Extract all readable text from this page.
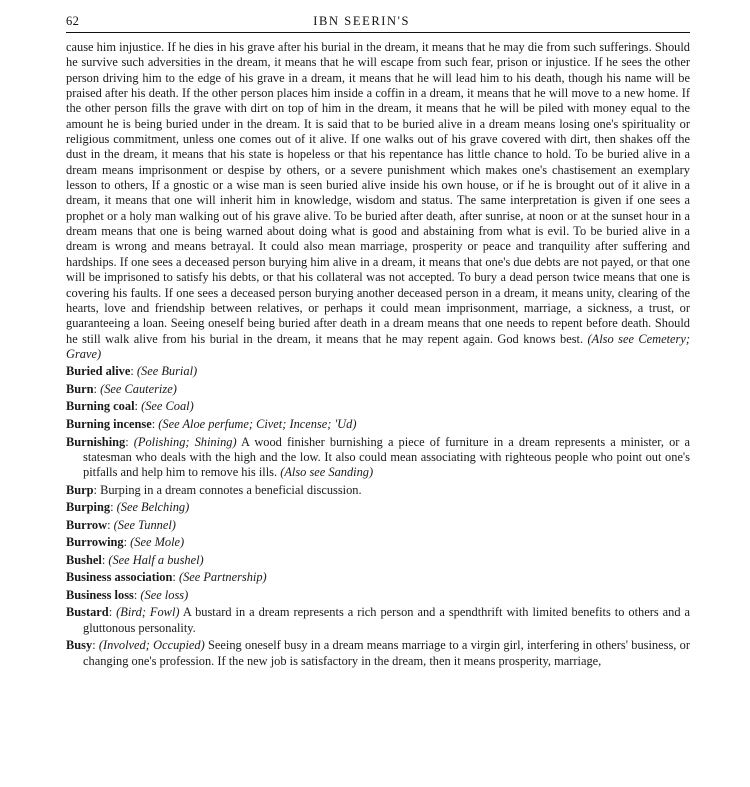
62	IBN SEERIN'S

cause him injustice. If he dies in his grave after his burial in the dream, it means that he may die from such sufferings. Should he survive such adversities in the dream, it means that he will escape from such fear, prison or injustice. If he sees the other person driving him to the edge of his grave in a dream, it means that he will lead him to his death, though his name will be praised after his death. If the other person places him inside a coffin in a dream, it means that he will move to a new home. If the other person fills the grave with dirt on top of him in the dream, it means that he will be piled with money equal to the amount he is being buried under in the dream. It is said that to be buried alive in a dream means losing one's spirituality or religious commitment, unless one comes out of it alive. If one walks out of his grave covered with dirt, then shakes off the dust in the dream, it means that his state is hopeless or that his repentance has little chance to hold. To be buried alive in a dream means imprisonment or despise by others, or a severe punishment which makes one's chastisement an exemplary lesson to others, If a gnostic or a wise man is seen buried alive inside his own house, or if he is brought out of it alive in a dream, it means that one will inherit him in knowledge, wisdom and status. The same interpretation is given if one sees a prophet or a holy man walking out of his grave alive. To be buried after death, after sunrise, at noon or at the sunset hour in a dream means that one is being warned about doing what is good and abstaining from what is evil. To be buried alive in a dream is wrong and means betrayal. It could also mean marriage, prosperity or peace and tranquility after suffering and hardships. If one sees a deceased person burying him alive in a dream, it means that one's due debts are not payed, or that one will be imprisoned to satisfy his debts, or that his collateral was not accepted. To bury a dead person twice means that one is covering his faults. If one sees a deceased person burying another deceased person in a dream, it means unity, clearing of the hearts, love and friendship between relatives, or perhaps it could mean imprisonment, marriage, a sickness, a trust, or guaranteeing a loan. Seeing oneself being buried after death in a dream means that one needs to repent before death. Should he still walk alive from his burial in the dream, it means that he may repent again. God knows best. (Also see Cemetery; Grave)

Buried alive: (See Burial)

Burn: (See Cauterize)

Burning coal: (See Coal)

Burning incense: (See Aloe perfume; Civet; Incense; 'Ud)

Burnishing: (Polishing; Shining) A wood finisher burnishing a piece of furniture in a dream represents a minister, or a statesman who deals with the high and the low. It also could mean associating with righteous people who point out one's pitfalls and help him to remove his ills. (Also see Sanding)

Burp: Burping in a dream connotes a beneficial discussion.

Burping: (See Belching)

Burrow: (See Tunnel)

Burrowing: (See Mole)

Bushel: (See Half a bushel)

Business association: (See Partnership)

Business loss: (See loss)

Bustard: (Bird; Fowl) A bustard in a dream represents a rich person and a spendthrift with limited benefits to others and a gluttonous personality.

Busy: (Involved; Occupied) Seeing oneself busy in a dream means marriage to a virgin girl, interfering in others' business, or changing one's profession. If the new job is satisfactory in the dream, then it means prosperity, marriage,
